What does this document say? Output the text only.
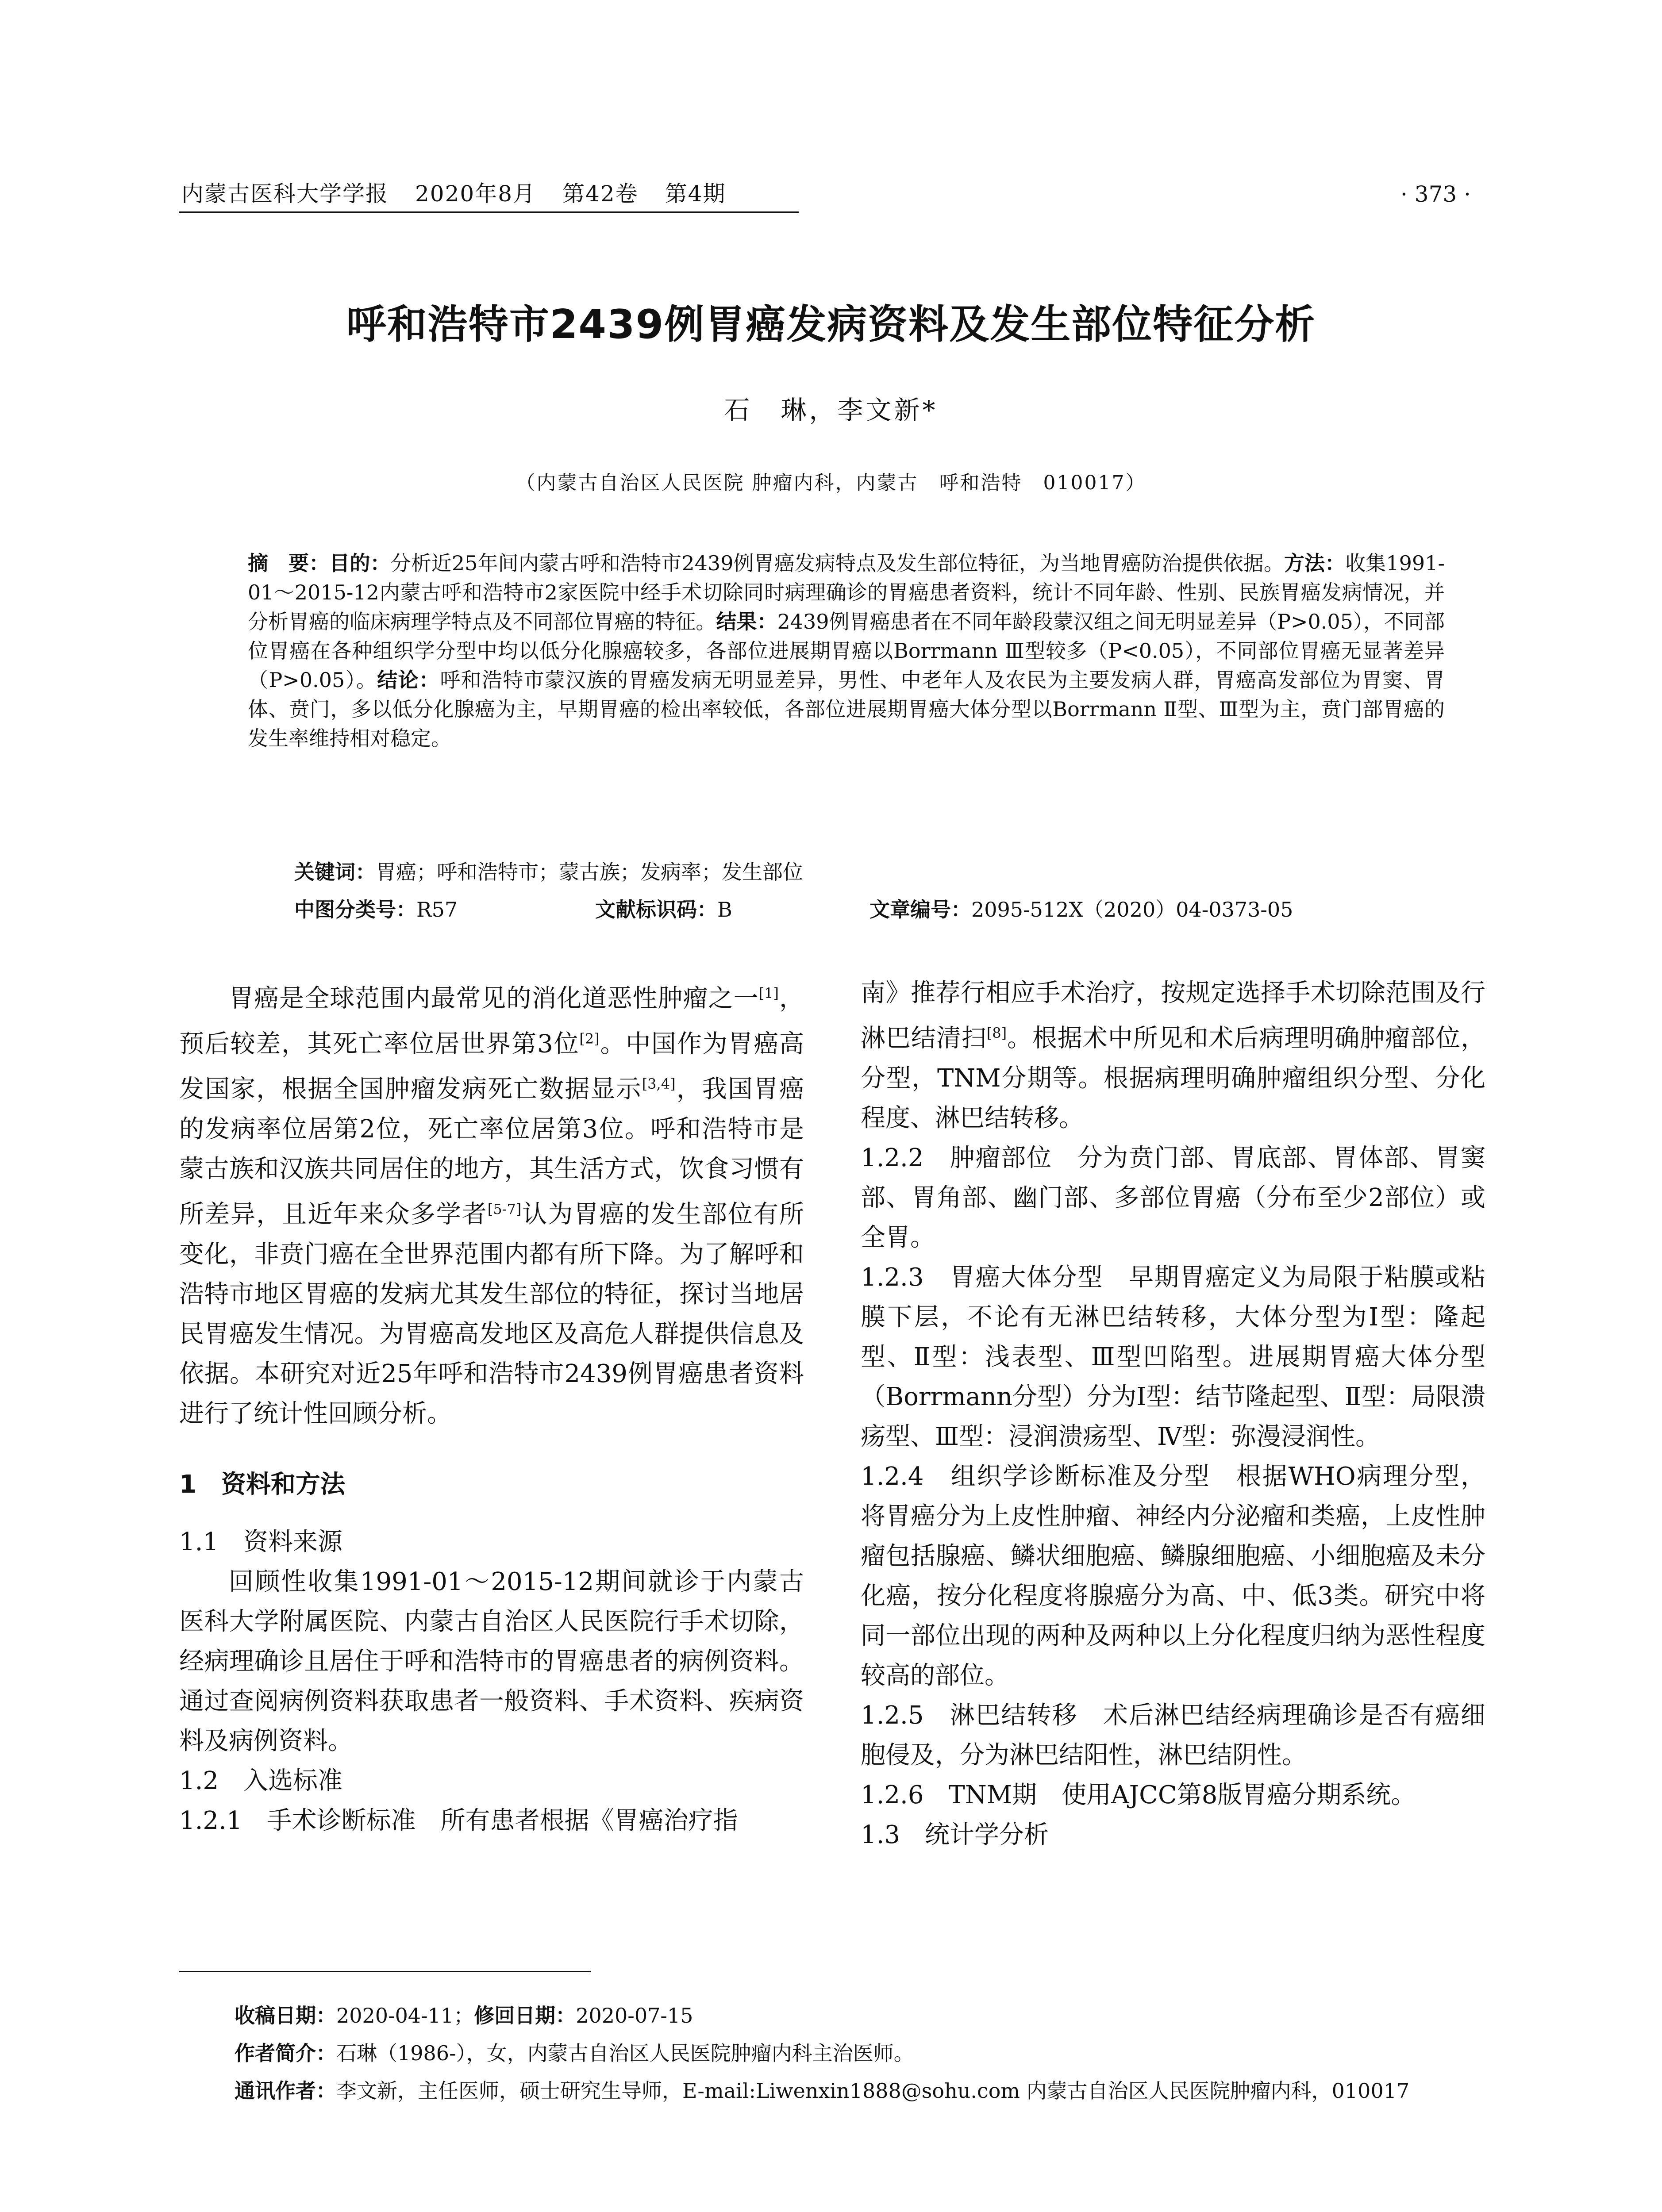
内蒙古医科大学学报 2020年8月 第42卷 第4期	· 373 ·
呼和浩特市2439例胃癌发病资料及发生部位特征分析
石　琳，李文新*
（内蒙古自治区人民医院 肿瘤内科，内蒙古　呼和浩特　010017）
摘　要：目的：分析近25年间内蒙古呼和浩特市2439例胃癌发病特点及发生部位特征，为当地胃癌防治提供依据。方法：收集1991-01～2015-12内蒙古呼和浩特市2家医院中经手术切除同时病理确诊的胃癌患者资料，统计不同年龄、性别、民族胃癌发病情况，并分析胃癌的临床病理学特点及不同部位胃癌的特征。结果：2439例胃癌患者在不同年龄段蒙汉组之间无明显差异（P>0.05），不同部位胃癌在各种组织学分型中均以低分化腺癌较多，各部位进展期胃癌以Borrmann Ⅲ型较多（P<0.05），不同部位胃癌无显著差异（P>0.05）。结论：呼和浩特市蒙汉族的胃癌发病无明显差异，男性、中老年人及农民为主要发病人群，胃癌高发部位为胃窦、胃体、贲门，多以低分化腺癌为主，早期胃癌的检出率较低，各部位进展期胃癌大体分型以Borrmann Ⅱ型、Ⅲ型为主，贲门部胃癌的发生率维持相对稳定。
关键词：胃癌；呼和浩特市；蒙古族；发病率；发生部位
中图分类号：R57	文献标识码：B	文章编号：2095-512X（2020）04-0373-05

胃癌是全球范围内最常见的消化道恶性肿瘤之一[1]，预后较差，其死亡率位居世界第3位[2]。中国作为胃癌高发国家，根据全国肿瘤发病死亡数据显示[3,4]，我国胃癌的发病率位居第2位，死亡率位居第3位。呼和浩特市是蒙古族和汉族共同居住的地方，其生活方式，饮食习惯有所差异，且近年来众多学者[5-7]认为胃癌的发生部位有所变化，非贲门癌在全世界范围内都有所下降。为了解呼和浩特市地区胃癌的发病尤其发生部位的特征，探讨当地居民胃癌发生情况。为胃癌高发地区及高危人群提供信息及依据。本研究对近25年呼和浩特市2439例胃癌患者资料进行了统计性回顾分析。

1　资料和方法

1.1　资料来源

回顾性收集1991-01～2015-12期间就诊于内蒙古医科大学附属医院、内蒙古自治区人民医院行手术切除，经病理确诊且居住于呼和浩特市的胃癌患者的病例资料。通过查阅病例资料获取患者一般资料、手术资料、疾病资料及病例资料。

1.2　入选标准

1.2.1　手术诊断标准　所有患者根据《胃癌治疗指

南》推荐行相应手术治疗，按规定选择手术切除范围及行淋巴结清扫[8]。根据术中所见和术后病理明确肿瘤部位，分型，TNM分期等。根据病理明确肿瘤组织分型、分化程度、淋巴结转移。

1.2.2　肿瘤部位　分为贲门部、胃底部、胃体部、胃窦部、胃角部、幽门部、多部位胃癌（分布至少2部位）或全胃。

1.2.3　胃癌大体分型　早期胃癌定义为局限于粘膜或粘膜下层，不论有无淋巴结转移，大体分型为Ⅰ型：隆起型、Ⅱ型：浅表型、Ⅲ型凹陷型。进展期胃癌大体分型（Borrmann分型）分为Ⅰ型：结节隆起型、Ⅱ型：局限溃疡型、Ⅲ型：浸润溃疡型、Ⅳ型：弥漫浸润性。

1.2.4　组织学诊断标准及分型　根据WHO病理分型，将胃癌分为上皮性肿瘤、神经内分泌瘤和类癌，上皮性肿瘤包括腺癌、鳞状细胞癌、鳞腺细胞癌、小细胞癌及未分化癌，按分化程度将腺癌分为高、中、低3类。研究中将同一部位出现的两种及两种以上分化程度归纳为恶性程度较高的部位。

1.2.5　淋巴结转移　术后淋巴结经病理确诊是否有癌细胞侵及，分为淋巴结阳性，淋巴结阴性。

1.2.6　TNM期　使用AJCC第8版胃癌分期系统。

1.3　统计学分析

收稿日期：2020-04-11；修回日期：2020-07-15
作者简介：石琳（1986-），女，内蒙古自治区人民医院肿瘤内科主治医师。
通讯作者：李文新，主任医师，硕士研究生导师，E-mail:Liwenxin1888@sohu.com 内蒙古自治区人民医院肿瘤内科，010017
